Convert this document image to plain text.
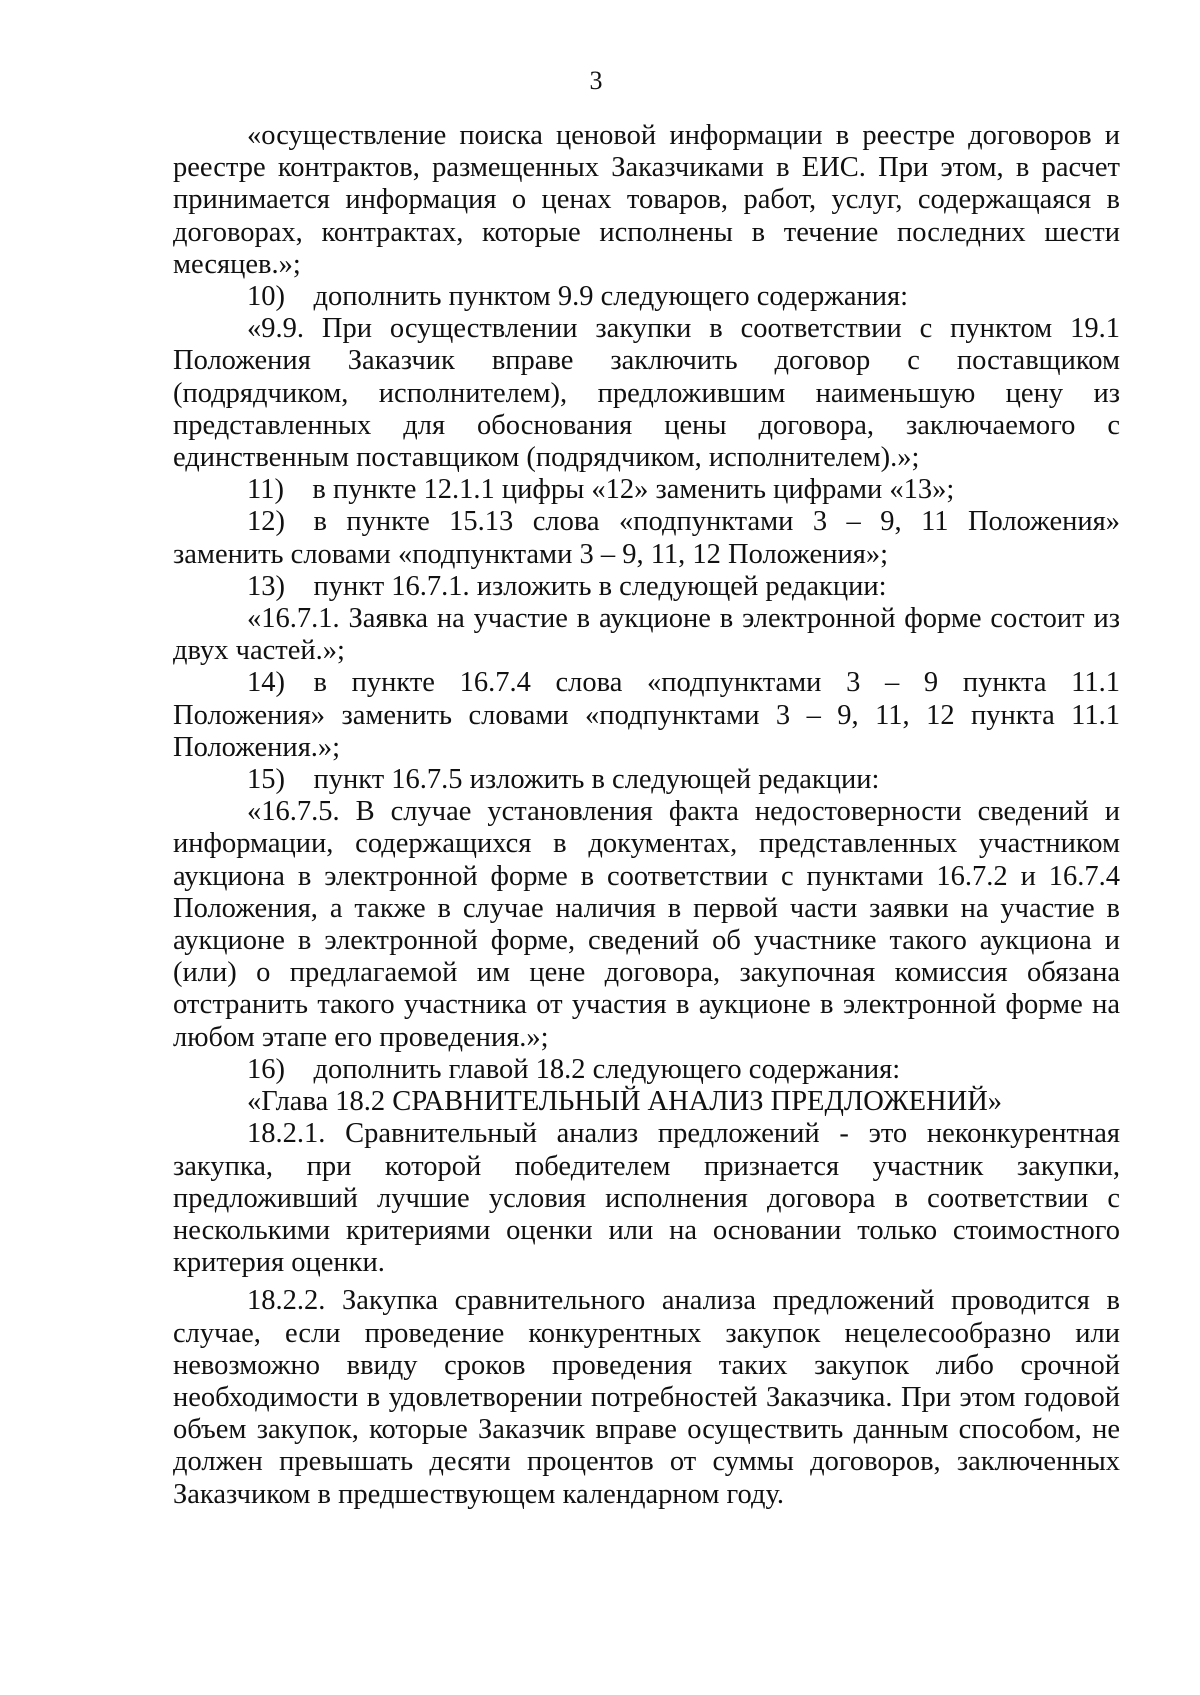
3

«осуществление поиска ценовой информации в реестре договоров и реестре контрактов, размещенных Заказчиками в ЕИС. При этом, в расчет принимается информация о ценах товаров, работ, услуг, содержащаяся в договорах, контрактах, которые исполнены в течение последних шести месяцев.»;

10)  дополнить пунктом 9.9 следующего содержания:

«9.9. При осуществлении закупки в соответствии с пунктом 19.1 Положения Заказчик вправе заключить договор с поставщиком (подрядчиком, исполнителем), предложившим наименьшую цену из представленных для обоснования цены договора, заключаемого с единственным поставщиком (подрядчиком, исполнителем).»;

11)  в пункте 12.1.1 цифры «12» заменить цифрами «13»;

12)  в пункте 15.13 слова «подпунктами 3 – 9, 11 Положения» заменить словами «подпунктами 3 – 9, 11, 12 Положения»;

13)  пункт 16.7.1. изложить в следующей редакции:

«16.7.1. Заявка на участие в аукционе в электронной форме состоит из двух частей.»;

14)  в пункте 16.7.4 слова «подпунктами 3 – 9 пункта 11.1 Положения» заменить словами «подпунктами 3 – 9, 11, 12 пункта 11.1 Положения.»;

15)  пункт 16.7.5 изложить в следующей редакции:

«16.7.5. В случае установления факта недостоверности сведений и информации, содержащихся в документах, представленных участником аукциона в электронной форме в соответствии с пунктами 16.7.2 и 16.7.4 Положения, а также в случае наличия в первой части заявки на участие в аукционе в электронной форме, сведений об участнике такого аукциона и (или) о предлагаемой им цене договора, закупочная комиссия обязана отстранить такого участника от участия в аукционе в электронной форме на любом этапе его проведения.»;

16)  дополнить главой 18.2 следующего содержания:

«Глава 18.2 СРАВНИТЕЛЬНЫЙ АНАЛИЗ ПРЕДЛОЖЕНИЙ»

18.2.1. Сравнительный анализ предложений - это неконкурентная закупка, при которой победителем признается участник закупки, предложивший лучшие условия исполнения договора в соответствии с несколькими критериями оценки или на основании только стоимостного критерия оценки.

18.2.2. Закупка сравнительного анализа предложений проводится в случае, если проведение конкурентных закупок нецелесообразно или невозможно ввиду сроков проведения таких закупок либо срочной необходимости в удовлетворении потребностей Заказчика. При этом годовой объем закупок, которые Заказчик вправе осуществить данным способом, не должен превышать десяти процентов от суммы договоров, заключенных Заказчиком в предшествующем календарном году.
